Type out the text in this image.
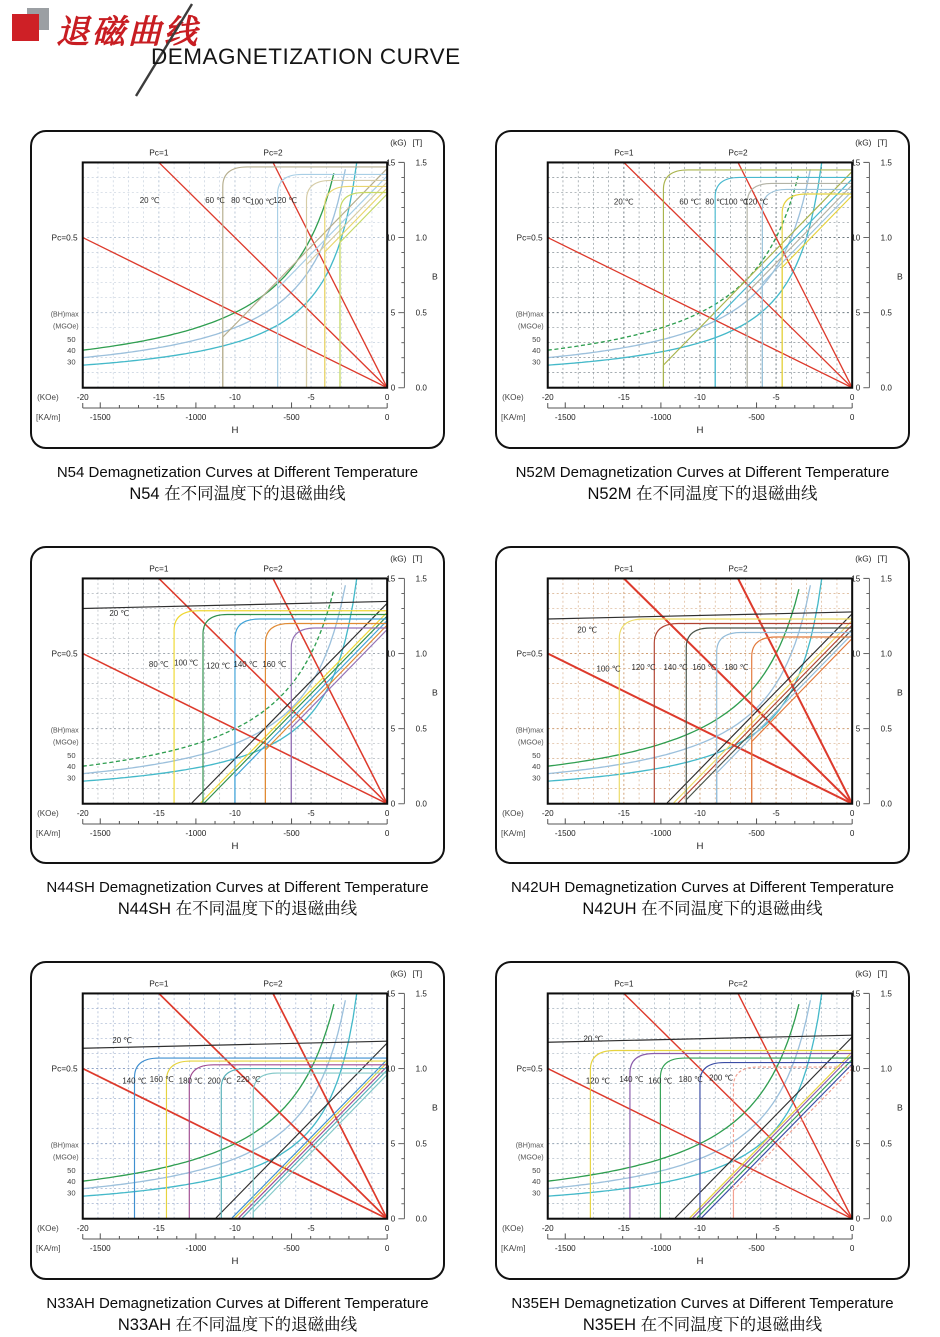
退磁曲线
DEMAGNETIZATION CURVE
Pc=0.5
Pc=1	Pc=2
20 ℃	60 ℃ 80 ℃ 100 ℃
120 ℃
(BH)max
(MGOe)
50
40
30
0	0.0
5	0.5
10	1.0
15	1.5
(kG) [T]
B
(KOe) -20	-15	-10	-5	0
[KA/m]	-1500	-1000	-500	0
H
N54 Demagnetization Curves at Different Temperature
N54 在不同温度下的退磁曲线
Pc=0.5
Pc=1	Pc=2
20 ℃	60 ℃ 80 ℃ 100 ℃
120 ℃
(BH)max
(MGOe)
50
40
30
0	0.0
5	0.5
10	1.0
15	1.5
(kG) [T]
B
(KOe) -20	-15	-10	-5	0
[KA/m]	-1500	-1000	-500	0
H
N52M Demagnetization Curves at Different Temperature
N52M 在不同温度下的退磁曲线
Pc=0.5
Pc=1	Pc=2
20 ℃
80 ℃ 100 ℃ 120 ℃ 140 ℃ 160 ℃
(BH)max
(MGOe)
50
40
30
0	0.0
5	0.5
10	1.0
15	1.5
(kG) [T]
B
(KOe) -20	-15	-10	-5	0
[KA/m]	-1500	-1000	-500	0
H
N44SH Demagnetization Curves at Different Temperature
N44SH 在不同温度下的退磁曲线
Pc=0.5
Pc=1	Pc=2
20 ℃
100 ℃ 120 ℃ 140 ℃ 160 ℃ 180 ℃
(BH)max
(MGOe)
50
40
30
0	0.0
5	0.5
10	1.0
15	1.5
(kG) [T]
B
(KOe) -20	-15	-10	-5	0
[KA/m]	-1500	-1000	-500	0
H
N42UH Demagnetization Curves at Different Temperature
N42UH 在不同温度下的退磁曲线
Pc=0.5
Pc=1	Pc=2
20 ℃
140 ℃ 160 ℃ 180 ℃ 200 ℃ 220 ℃
(BH)max
(MGOe)
50
40
30
0	0.0
5	0.5
10	1.0
15	1.5
(kG) [T]
B
(KOe) -20	-15	-10	-5	0
[KA/m]	-1500	-1000	-500	0
H
N33AH Demagnetization Curves at Different Temperature
N33AH 在不同温度下的退磁曲线
Pc=0.5
Pc=1	Pc=2
20 ℃
120 ℃ 140 ℃ 160 ℃ 180 ℃ 200 ℃
(BH)max
(MGOe)
50
40
30
0	0.0
5	0.5
10	1.0
15	1.5
(kG) [T]
B
(KOe) -20	-15	-10	-5	0
[KA/m]	-1500	-1000	-500	0
H
N35EH Demagnetization Curves at Different Temperature
N35EH 在不同温度下的退磁曲线
